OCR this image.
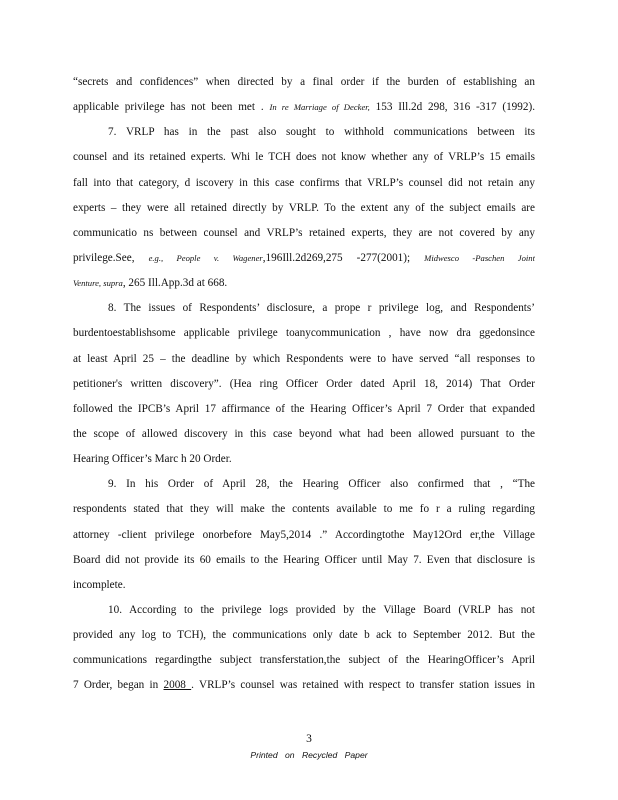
“secrets and confidences” when directed by a final order if the burden of establishing an
applicable privilege has not been met . In re Marriage of Decker, 153 Ill.2d 298, 316 -317 (1992).
7. VRLP has in the past also sought to withhold communications between its
counsel and its retained experts. Whi le TCH does not know whether any of VRLP’s 15 emails
fall into that category, d iscovery in this case confirms that VRLP’s counsel did not retain any
experts – they were all retained directly by VRLP. To the extent any of the subject emails are
communicatio ns between counsel and VRLP’s retained experts, they are not covered by any
privilege.See, e.g., People v. Wagener,196Ill.2d269,275 -277(2001); Midwesco -Paschen Joint
Venture, supra, 265 Ill.App.3d at 668.
8. The issues of Respondents’ disclosure, a prope r privilege log, and Respondents’
burdentoestablishsome applicable privilege toanycommunication , have now dra ggedonsince
at least April 25 – the deadline by which Respondents were to have served “all responses to
petitioner's written discovery”. (Hea ring Officer Order dated April 18, 2014) That Order
followed the IPCB’s April 17 affirmance of the Hearing Officer’s April 7 Order that expanded
the scope of allowed discovery in this case beyond what had been allowed pursuant to the
Hearing Officer’s Marc h 20 Order.
9. In his Order of April 28, the Hearing Officer also confirmed that , “The
respondents stated that they will make the contents available to me fo r a ruling regarding
attorney -client privilege onorbefore May5,2014 .” Accordingtothe May12Ord er,the Village
Board did not provide its 60 emails to the Hearing Officer until May 7. Even that disclosure is
incomplete.
10. According to the privilege logs provided by the Village Board (VRLP has not
provided any log to TCH), the communications only date b ack to September 2012. But the
communications regardingthe subject transferstation,the subject of the HearingOfficer’s April
7 Order, began in 2008 . VRLP’s counsel was retained with respect to transfer station issues in
3
Printed on Recycled Paper
